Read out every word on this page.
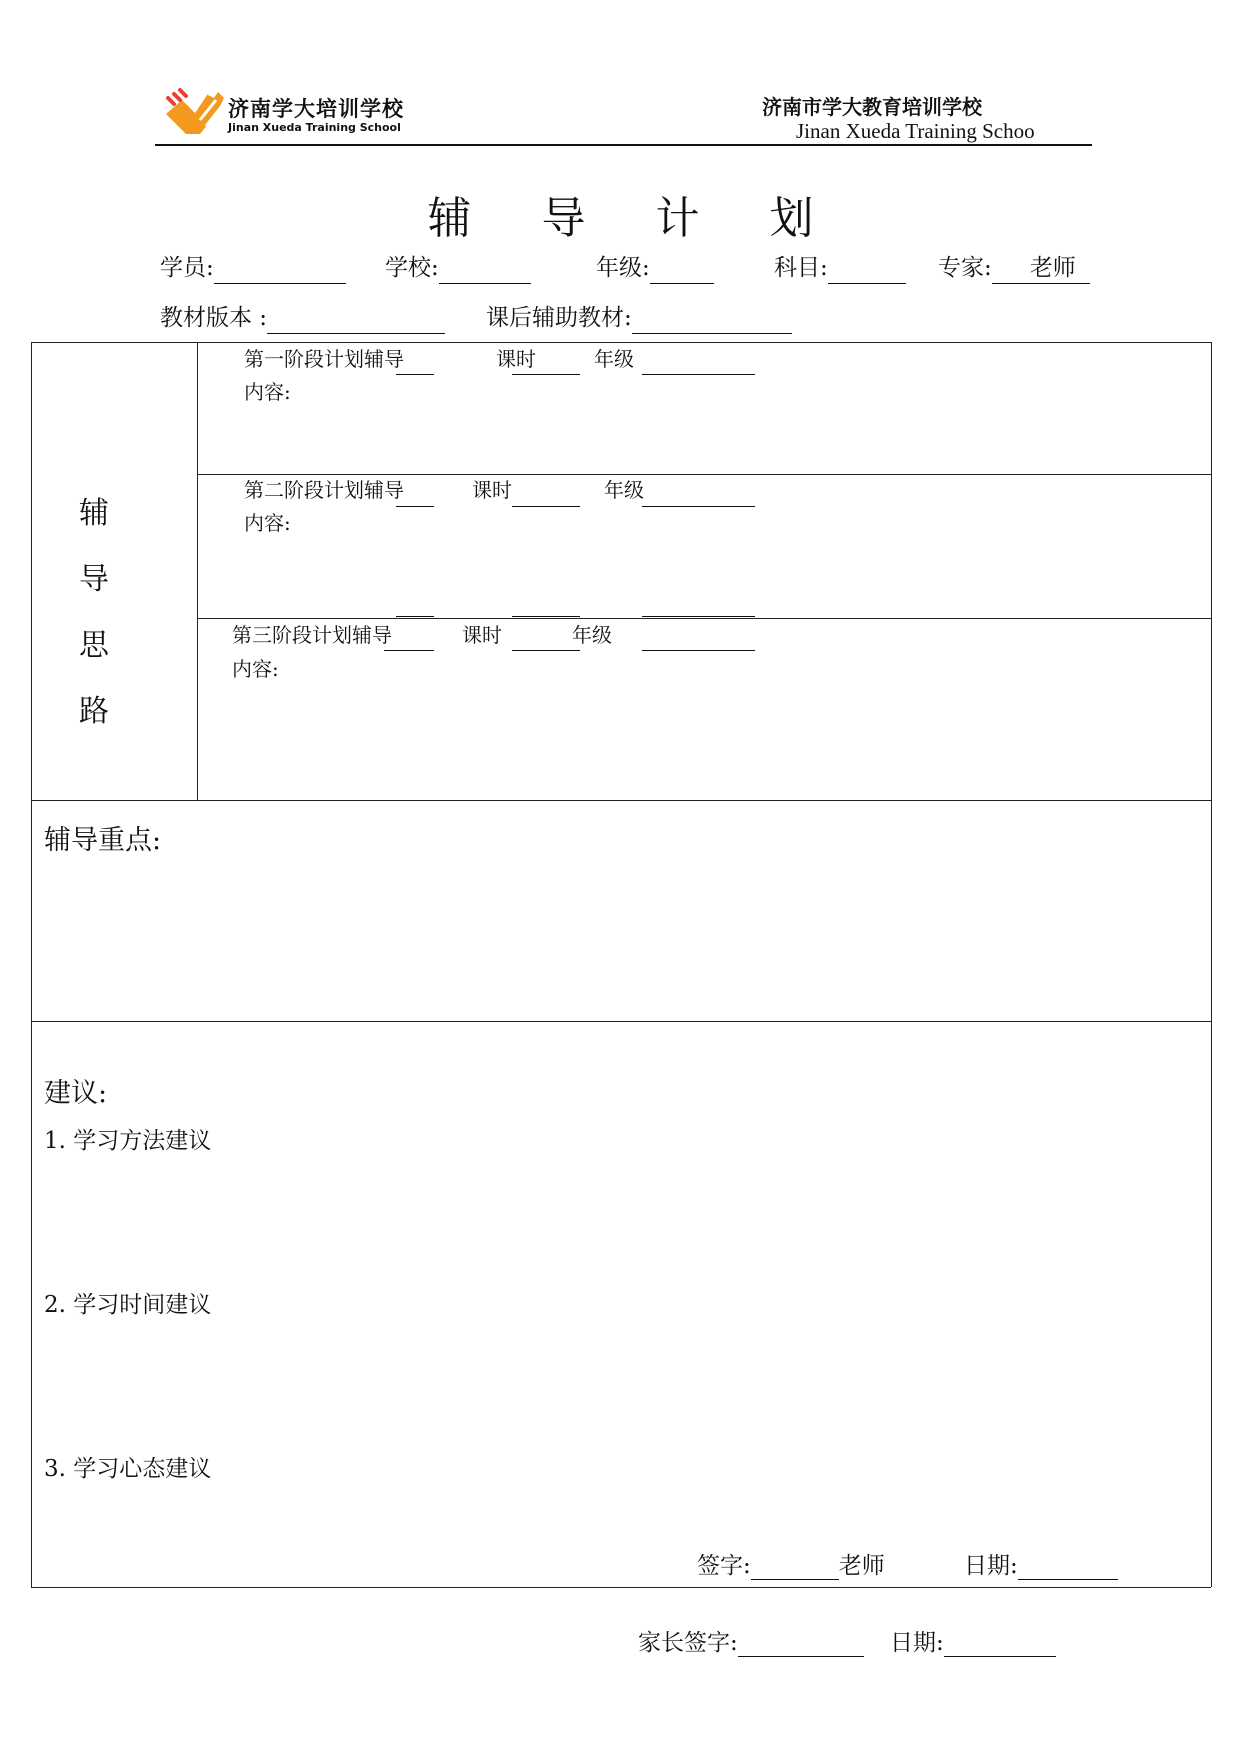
济南学大培训学校
Jinan Xueda Training School
济南市学大教育培训学校
Jinan Xueda Training Schoo
辅 导 计 划
学员:	学校:	年级:	科目:	专家: 老师
教材版本 :	课后辅助教材:
辅
导
思
路
第一阶段计划辅导	课时	年级
内容:
第二阶段计划辅导	课时	年级
内容:
第三阶段计划辅导	课时	年级
内容:
辅导重点:
建议:
1. 学习方法建议
2. 学习时间建议
3. 学习心态建议
签字:	老师	日期:
家长签字:	日期:
